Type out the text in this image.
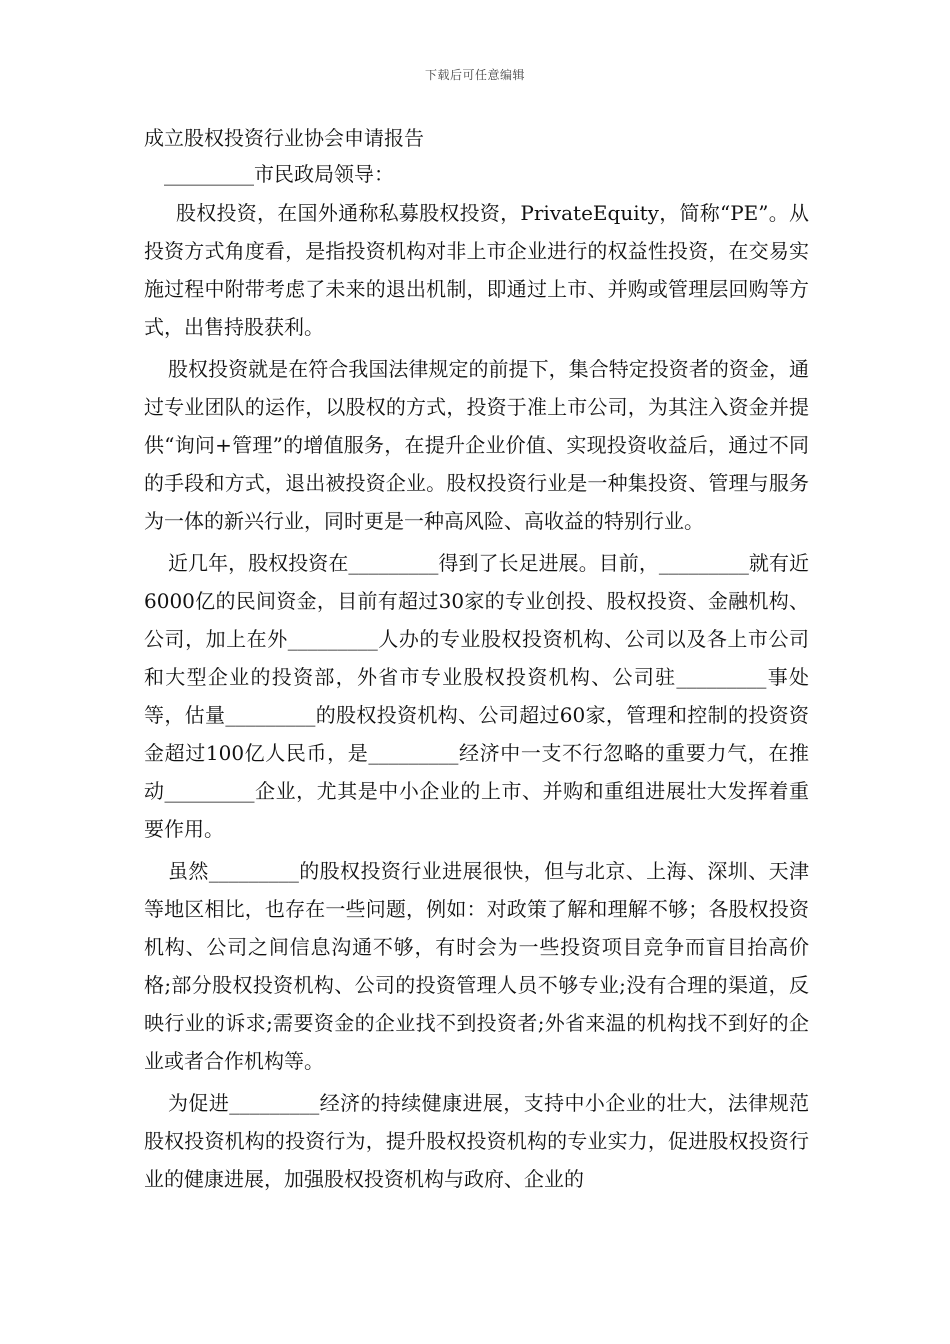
下载后可任意编辑
成立股权投资行业协会申请报告

_________市民政局领导：

股权投资，在国外通称私募股权投资，PrivateEquity，简称“PE”。从投资方式角度看，是指投资机构对非上市企业进行的权益性投资，在交易实施过程中附带考虑了未来的退出机制，即通过上市、并购或管理层回购等方式，出售持股获利。

股权投资就是在符合我国法律规定的前提下，集合特定投资者的资金，通过专业团队的运作，以股权的方式，投资于准上市公司，为其注入资金并提供“询问+管理”的增值服务，在提升企业价值、实现投资收益后，通过不同的手段和方式，退出被投资企业。股权投资行业是一种集投资、管理与服务为一体的新兴行业，同时更是一种高风险、高收益的特别行业。

近几年，股权投资在_________得到了长足进展。目前，_________就有近6000亿的民间资金，目前有超过30家的专业创投、股权投资、金融机构、公司，加上在外_________人办的专业股权投资机构、公司以及各上市公司和大型企业的投资部，外省市专业股权投资机构、公司驻_________事处等，估量_________的股权投资机构、公司超过60家，管理和控制的投资资金超过100亿人民币，是_________经济中一支不行忽略的重要力气，在推动_________企业，尤其是中小企业的上市、并购和重组进展壮大发挥着重要作用。

虽然_________的股权投资行业进展很快，但与北京、上海、深圳、天津等地区相比，也存在一些问题，例如：对政策了解和理解不够；各股权投资机构、公司之间信息沟通不够，有时会为一些投资项目竞争而盲目抬高价格;部分股权投资机构、公司的投资管理人员不够专业;没有合理的渠道，反映行业的诉求;需要资金的企业找不到投资者;外省来温的机构找不到好的企业或者合作机构等。

为促进_________经济的持续健康进展，支持中小企业的壮大，法律规范股权投资机构的投资行为，提升股权投资机构的专业实力，促进股权投资行业的健康进展，加强股权投资机构与政府、企业的
